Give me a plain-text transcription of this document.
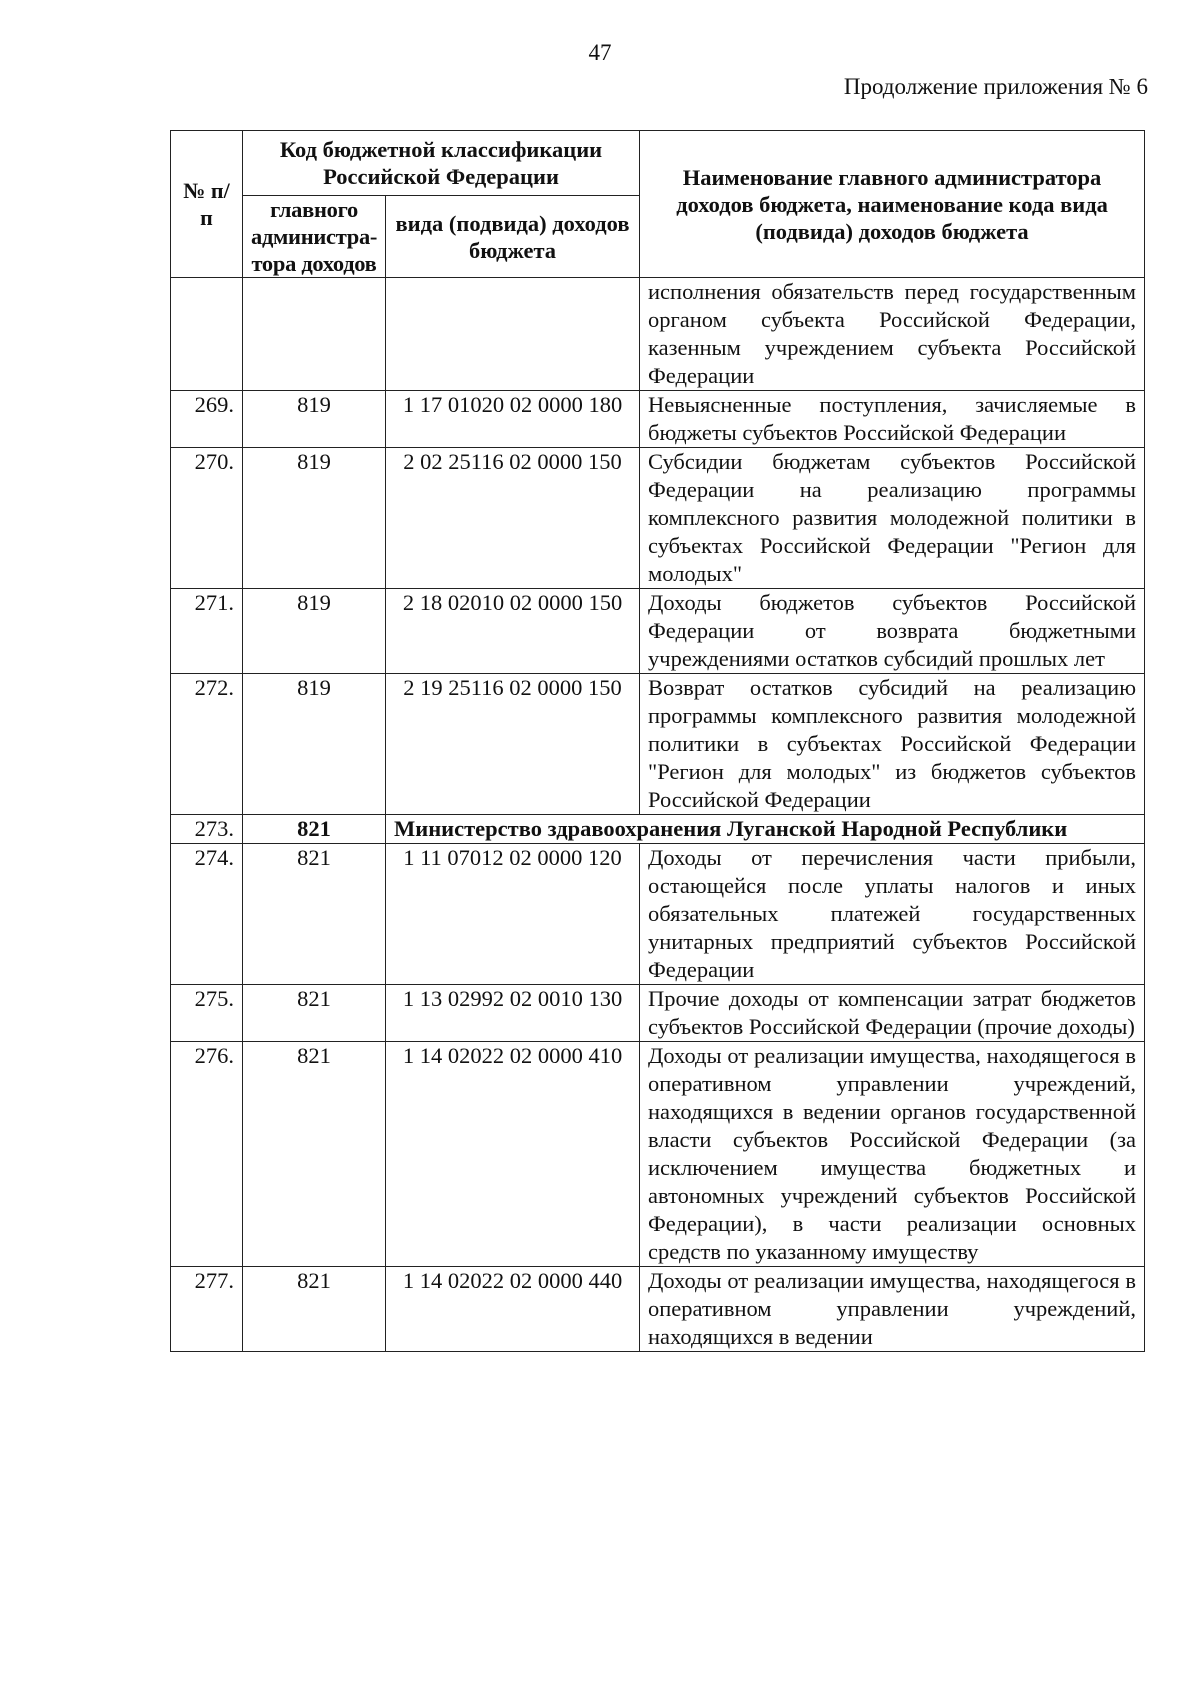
47
Продолжение приложения № 6
№ п/п	Код бюджетной классификации Российской Федерации		Наименование главного администратора доходов бюджета, наименование кода вида (подвида) доходов бюджета
	главного администра-тора доходов	вида (подвида) доходов бюджета	
			исполнения обязательств перед государственным органом субъекта Российской Федерации, казенным учреждением субъекта Российской Федерации
269.	819	1 17 01020 02 0000 180	Невыясненные поступления, зачисляемые в бюджеты субъектов Российской Федерации
270.	819	2 02 25116 02 0000 150	Субсидии бюджетам субъектов Российской Федерации на реализацию программы комплексного развития молодежной политики в субъектах Российской Федерации "Регион для молодых"
271.	819	2 18 02010 02 0000 150	Доходы бюджетов субъектов Российской Федерации от возврата бюджетными учреждениями остатков субсидий прошлых лет
272.	819	2 19 25116 02 0000 150	Возврат остатков субсидий на реализацию программы комплексного развития молодежной политики в субъектах Российской Федерации "Регион для молодых" из бюджетов субъектов Российской Федерации
273.	821	Министерство здравоохранения Луганской Народной Республики	
274.	821	1 11 07012 02 0000 120	Доходы от перечисления части прибыли, остающейся после уплаты налогов и иных обязательных платежей государственных унитарных предприятий субъектов Российской Федерации
275.	821	1 13 02992 02 0010 130	Прочие доходы от компенсации затрат бюджетов субъектов Российской Федерации (прочие доходы)
276.	821	1 14 02022 02 0000 410	Доходы от реализации имущества, находящегося в оперативном управлении учреждений, находящихся в ведении органов государственной власти субъектов Российской Федерации (за исключением имущества бюджетных и автономных учреждений субъектов Российской Федерации), в части реализации основных средств по указанному имуществу
277.	821	1 14 02022 02 0000 440	Доходы от реализации имущества, находящегося в оперативном управлении учреждений, находящихся в ведении
